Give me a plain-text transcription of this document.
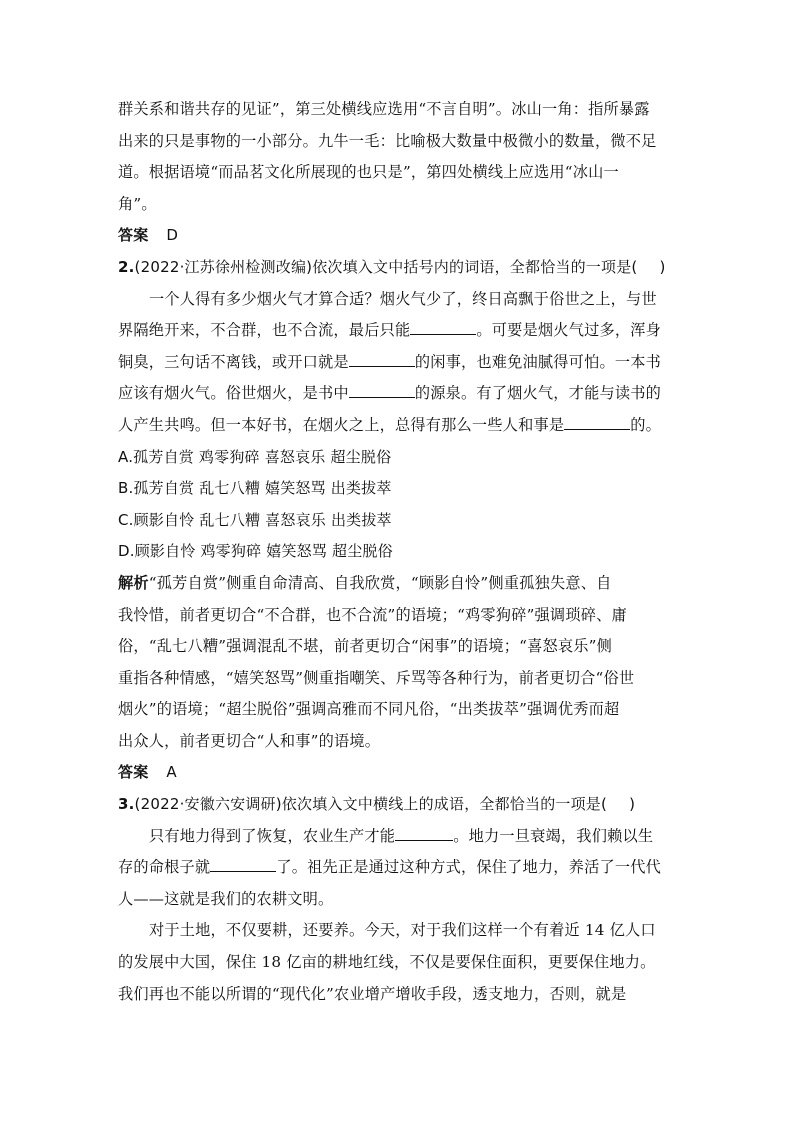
群关系和谐共存的见证”，第三处横线应选用“不言自明”。冰山一角：指所暴露
出来的只是事物的一小部分。九牛一毛：比喻极大数量中极微小的数量，微不足
道。根据语境“而品茗文化所展现的也只是”，第四处横线上应选用“冰山一
角”。
答案 D
2.(2022·江苏徐州检测改编)依次填入文中括号内的词语，全都恰当的一项是( )
一个人得有多少烟火气才算合适？烟火气少了，终日高飘于俗世之上，与世
界隔绝开来，不合群，也不合流，最后只能	。可要是烟火气过多，浑身
铜臭，三句话不离钱，或开口就是	的闲事，也难免油腻得可怕。一本书
应该有烟火气。俗世烟火，是书中	的源泉。有了烟火气，才能与读书的
人产生共鸣。但一本好书，在烟火之上，总得有那么一些人和事是	的。
A.孤芳自赏 鸡零狗碎 喜怒哀乐 超尘脱俗
B.孤芳自赏 乱七八糟 嬉笑怒骂 出类拔萃
C.顾影自怜 乱七八糟 喜怒哀乐 出类拔萃
D.顾影自怜 鸡零狗碎 嬉笑怒骂 超尘脱俗
解析“孤芳自赏”侧重自命清高、自我欣赏，“顾影自怜”侧重孤独失意、自
我怜惜，前者更切合“不合群，也不合流”的语境；“鸡零狗碎”强调琐碎、庸
俗，“乱七八糟”强调混乱不堪，前者更切合“闲事”的语境；“喜怒哀乐”侧
重指各种情感，“嬉笑怒骂”侧重指嘲笑、斥骂等各种行为，前者更切合“俗世
烟火”的语境；“超尘脱俗”强调高雅而不同凡俗，“出类拔萃”强调优秀而超
出众人，前者更切合“人和事”的语境。
答案 A
3.(2022·安徽六安调研)依次填入文中横线上的成语，全都恰当的一项是( )
只有地力得到了恢复，农业生产才能	。地力一旦衰竭，我们赖以生
存的命根子就	了。祖先正是通过这种方式，保住了地力，养活了一代代
人——这就是我们的农耕文明。
对于土地，不仅要耕，还要养。今天，对于我们这样一个有着近 14 亿人口
的发展中大国，保住 18 亿亩的耕地红线，不仅是要保住面积，更要保住地力。
我们再也不能以所谓的“现代化”农业增产增收手段，透支地力，否则，就是
